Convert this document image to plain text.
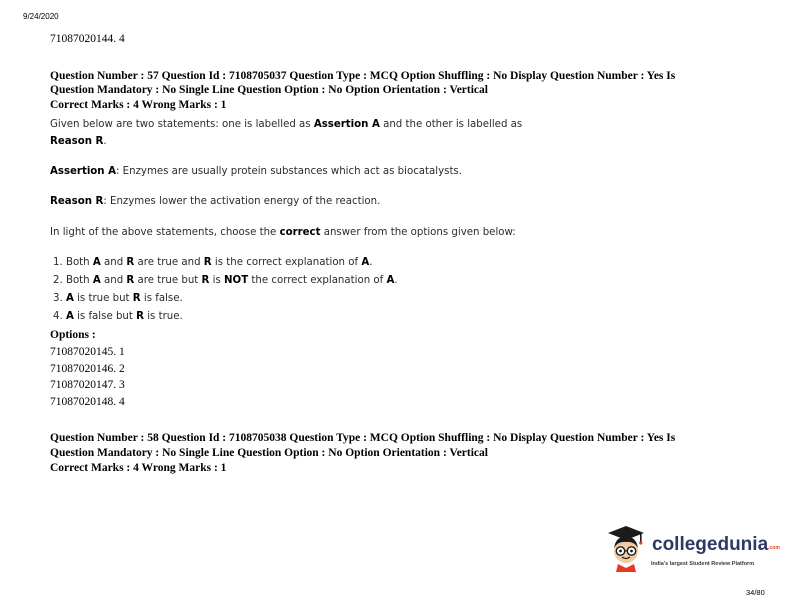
9/24/2020
71087020144. 4
Question Number : 57 Question Id : 7108705037 Question Type : MCQ Option Shuffling : No Display Question Number : Yes Is
Question Mandatory : No Single Line Question Option : No Option Orientation : Vertical
Correct Marks : 4 Wrong Marks : 1
Given below are two statements: one is labelled as Assertion A and the other is labelled as
Reason R.
Assertion A: Enzymes are usually protein substances which act as biocatalysts.
Reason R: Enzymes lower the activation energy of the reaction.
In light of the above statements, choose the correct answer from the options given below:
1. Both A and R are true and R is the correct explanation of A.
2. Both A and R are true but R is NOT the correct explanation of A.
3. A is true but R is false.
4. A is false but R is true.
Options :
71087020145. 1
71087020146. 2
71087020147. 3
71087020148. 4
Question Number : 58 Question Id : 7108705038 Question Type : MCQ Option Shuffling : No Display Question Number : Yes Is
Question Mandatory : No Single Line Question Option : No Option Orientation : Vertical
Correct Marks : 4 Wrong Marks : 1
collegedunia.com
India's largest Student Review Platform
34/80
